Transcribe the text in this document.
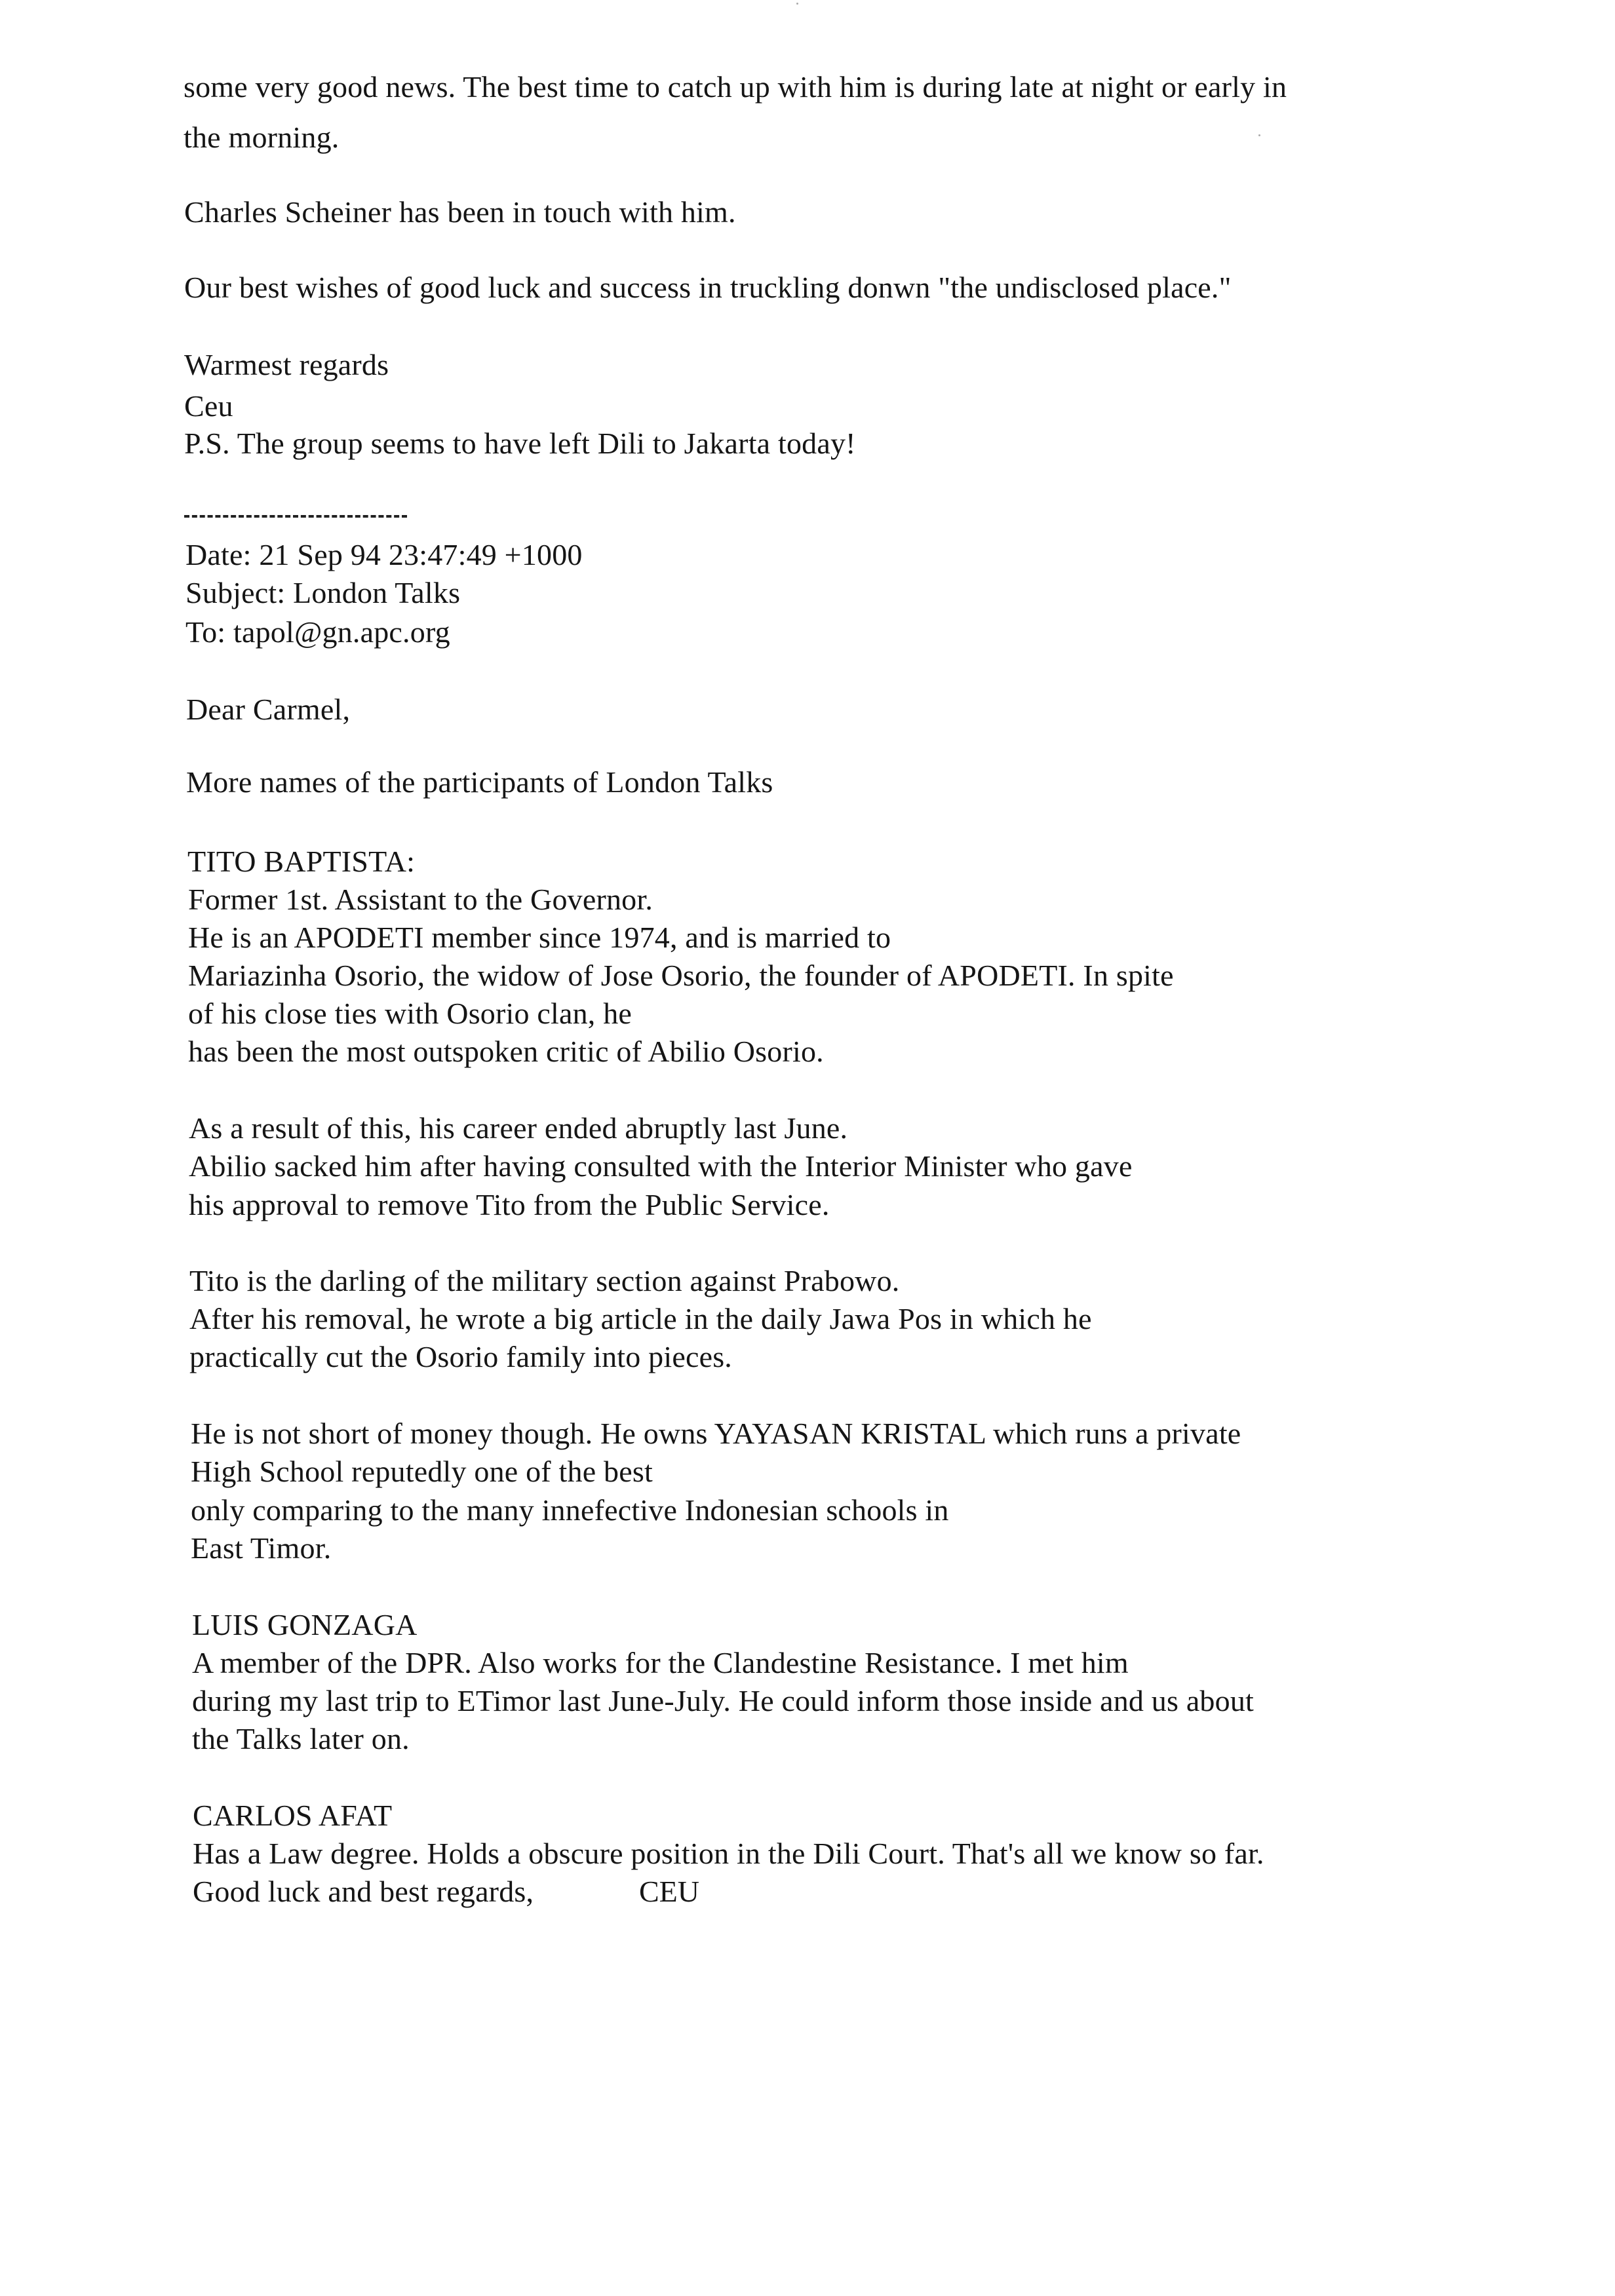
some very good news. The best time to catch up with him is during late at night or early in
the morning.
Charles Scheiner has been in touch with him.
Our best wishes of good luck and success in truckling donwn "the undisclosed place."
Warmest regards
Ceu
P.S. The group seems to have left Dili to Jakarta today!
Date: 21 Sep 94 23:47:49 +1000
Subject: London Talks
To: tapol@gn.apc.org
Dear Carmel,
More names of the participants of London Talks
TITO BAPTISTA:
Former 1st. Assistant to the Governor.
He is an APODETI member since 1974, and is married to
Mariazinha Osorio, the widow of Jose Osorio, the founder of APODETI. In spite
of his close ties with Osorio clan, he
has been the most outspoken critic of Abilio Osorio.
As a result of this, his career ended abruptly last June.
Abilio sacked him after having consulted with the Interior Minister who gave
his approval to remove Tito from the Public Service.
Tito is the darling of the military section against Prabowo.
After his removal, he wrote a big article in the daily Jawa Pos in which he
practically cut the Osorio family into pieces.
He is not short of money though. He owns YAYASAN KRISTAL which runs a private
High School reputedly one of the best
only comparing to the many innefective Indonesian schools in
East Timor.
LUIS GONZAGA
A member of the DPR. Also works for the Clandestine Resistance. I met him
during my last trip to ETimor last June-July. He could inform those inside and us about
the Talks later on.
CARLOS AFAT
Has a Law degree. Holds a obscure position in the Dili Court. That's all we know so far.
Good luck and best regards,	CEU
